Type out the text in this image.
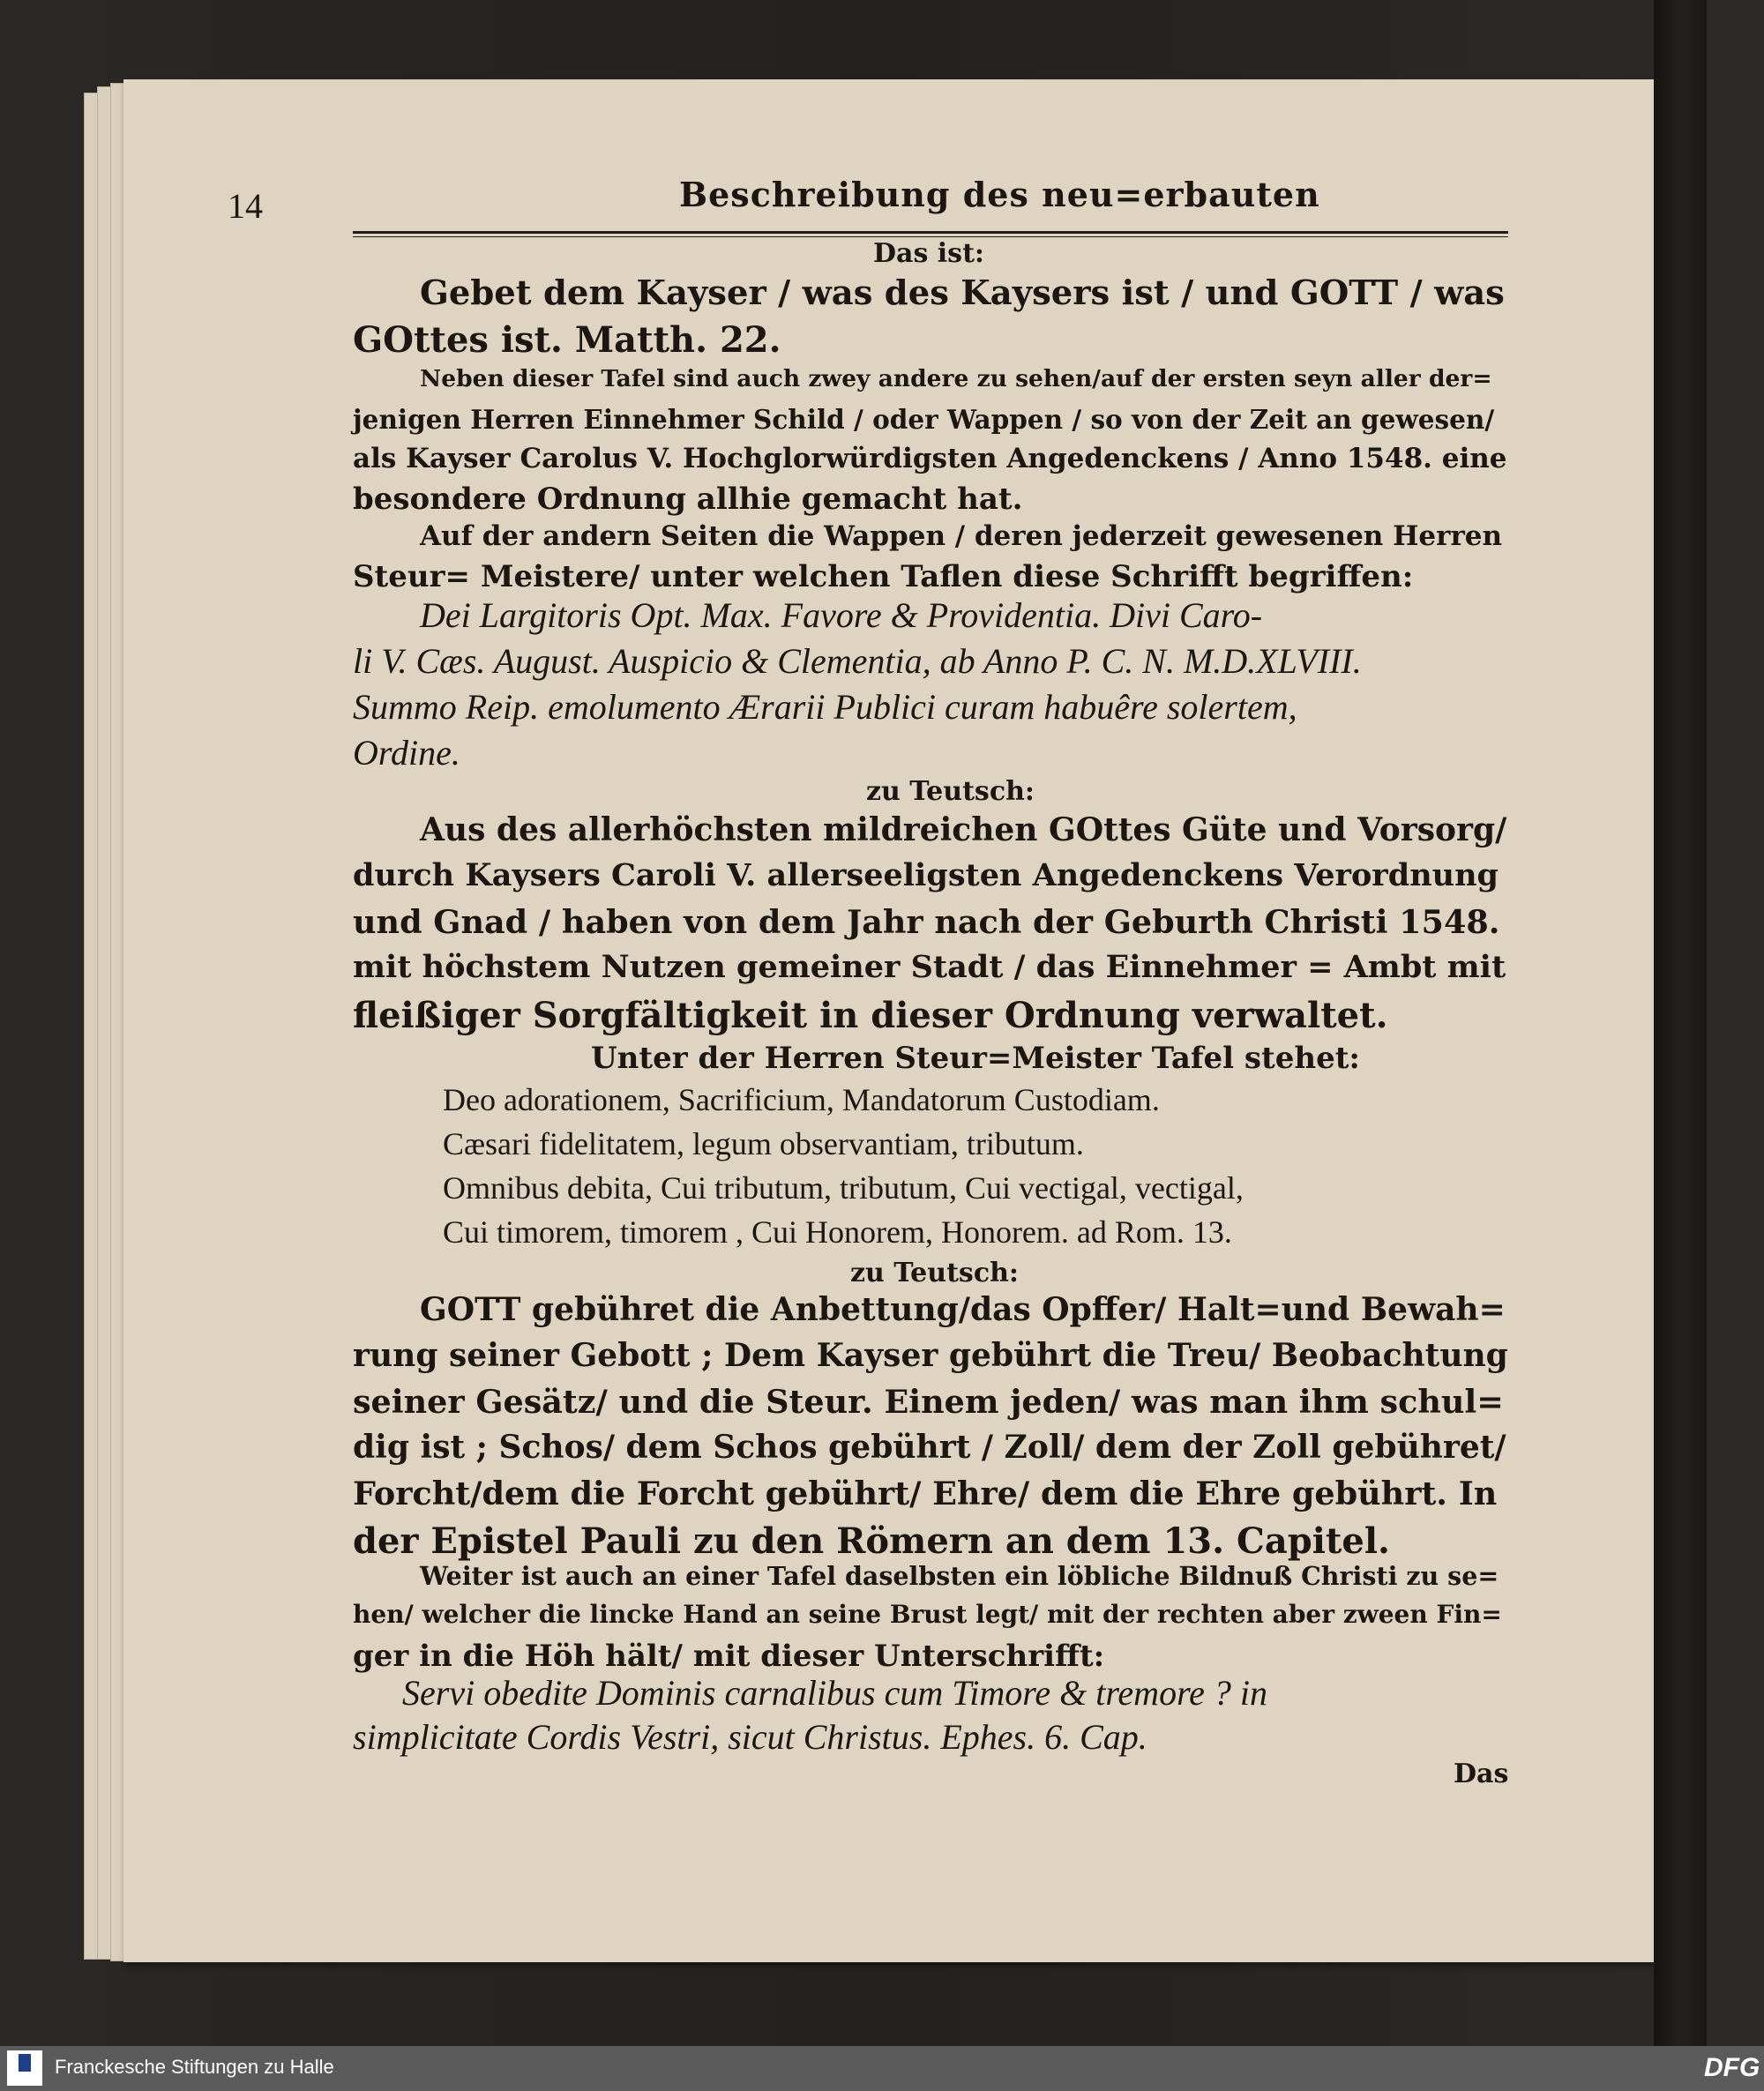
14	Beschreibung des neu=erbauten
Das ist:
Gebet dem Kayser / was des Kaysers ist / und GOTT / was
GOttes ist. Matth. 22.
Neben dieser Tafel sind auch zwey andere zu sehen/auf der ersten seyn aller der=
jenigen Herren Einnehmer Schild / oder Wappen / so von der Zeit an gewesen/
als Kayser Carolus V. Hochglorwürdigsten Angedenckens / Anno 1548. eine
besondere Ordnung allhie gemacht hat.
Auf der andern Seiten die Wappen / deren jederzeit gewesenen Herren
Steur= Meistere/ unter welchen Taflen diese Schrifft begriffen:
Dei Largitoris Opt. Max. Favore & Providentia. Divi Caro-
li V. Cæs. August. Auspicio & Clementia, ab Anno P. C. N. M.D.XLVIII.
Summo Reip. emolumento Ærarii Publici curam habuêre solertem,
Ordine.
zu Teutsch:
Aus des allerhöchsten mildreichen GOttes Güte und Vorsorg/
durch Kaysers Caroli V. allerseeligsten Angedenckens Verordnung
und Gnad / haben von dem Jahr nach der Geburth Christi 1548.
mit höchstem Nutzen gemeiner Stadt / das Einnehmer = Ambt mit
fleißiger Sorgfältigkeit in dieser Ordnung verwaltet.
Unter der Herren Steur=Meister Tafel stehet:
Deo adorationem, Sacrificium, Mandatorum Custodiam.
Cæsari fidelitatem, legum observantiam, tributum.
Omnibus debita, Cui tributum, tributum, Cui vectigal, vectigal,
Cui timorem, timorem , Cui Honorem, Honorem. ad Rom. 13.
zu Teutsch:
GOTT gebühret die Anbettung/das Opffer/ Halt=und Bewah=
rung seiner Gebott ; Dem Kayser gebührt die Treu/ Beobachtung
seiner Gesätz/ und die Steur. Einem jeden/ was man ihm schul=
dig ist ; Schos/ dem Schos gebührt / Zoll/ dem der Zoll gebühret/
Forcht/dem die Forcht gebührt/ Ehre/ dem die Ehre gebührt. In
der Epistel Pauli zu den Römern an dem 13. Capitel.
Weiter ist auch an einer Tafel daselbsten ein löbliche Bildnuß Christi zu se=
hen/ welcher die lincke Hand an seine Brust legt/ mit der rechten aber zween Fin=
ger in die Höh hält/ mit dieser Unterschrifft:
Servi obedite Dominis carnalibus cum Timore & tremore ? in
simplicitate Cordis Vestri, sicut Christus. Ephes. 6. Cap.
Das
Franckesche Stiftungen zu Halle	DFG
